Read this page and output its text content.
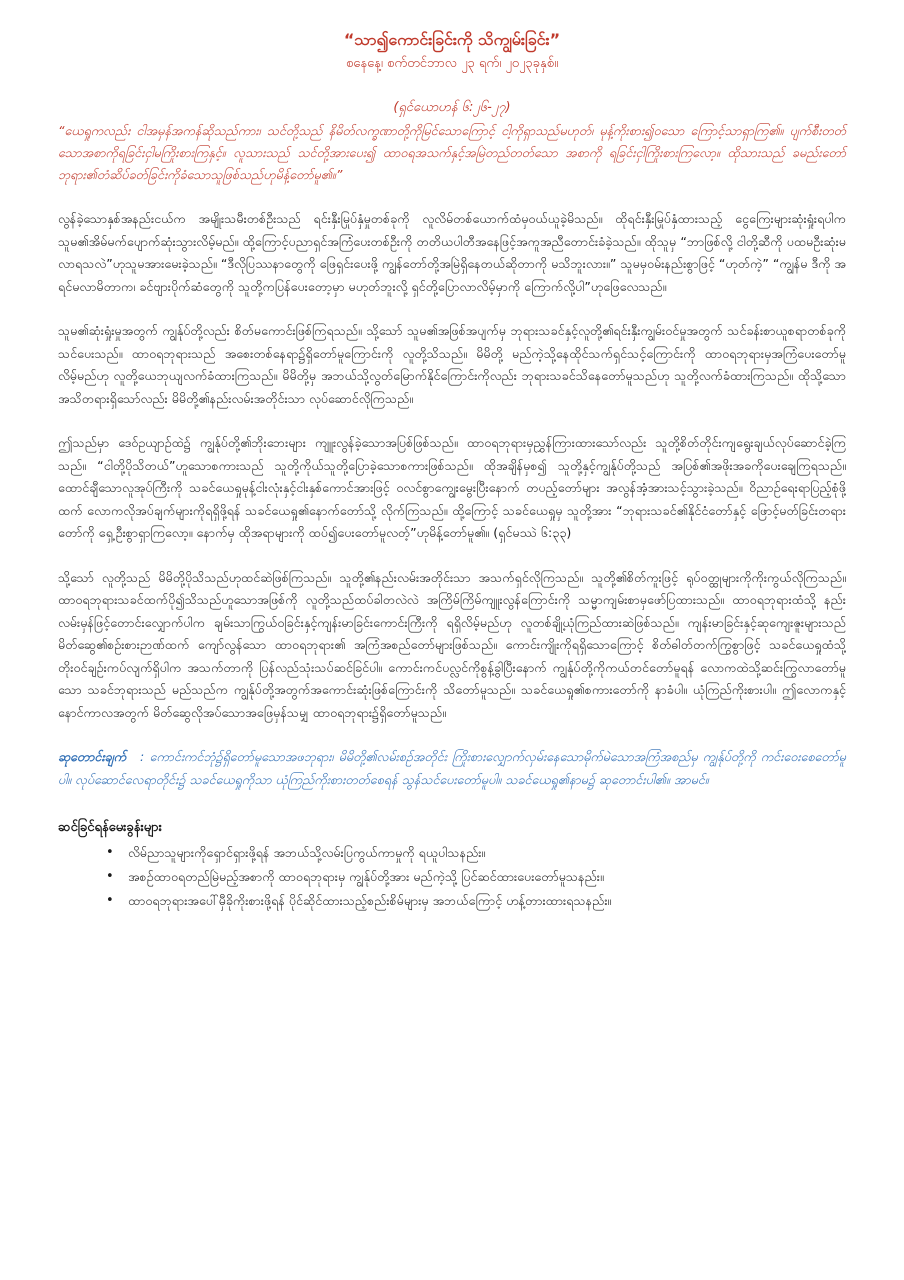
“သာ၍ကောင်းခြင်းကို သိကျွမ်းခြင်း”

စနေနေ့၊ စက်တင်ဘာလ ၂၃ ရက်၊ ၂၀၂၃ခုနှစ်။

(ရှင်ယောဟန် ၆:၂၆-၂၇)

“ယေရှုကလည်း ငါအမှန်အကန်ဆိုသည်ကား၊ သင်တို့သည် နိမိတ်လက္ခဏာတို့ကိုမြင်သောကြောင့် ငါ့ကိုရှာသည်မဟုတ်၊ မုန့်ကိုးစား၍ဝသော ကြောင့်သာရှာကြ၏။ ပျက်စီးတတ်သောအစာကိုရခြင်းငှါမကြိုးစားကြနှင့်။ လူသားသည် သင်တို့အားပေး၍ ထာဝရအသက်နှင့်အမြဲတည်တတ်သော အစာကို ရခြင်းငှါကြိုးစားကြလော့။ ထိုသားသည် ခမည်းတော်ဘုရား၏တံဆိပ်ခတ်ခြင်းကိုခံသောသူဖြစ်သည်ဟုမိန့်တော်မူ၏။”

လွန်ခဲ့သောနှစ်အနည်းငယ်က အမျိုးသမီးတစ်ဦးသည် ရင်းနှီးမြုပ်နှံမှုတစ်ခုကို လူလိမ်တစ်ယောက်ထံမှဝယ်ယူခဲ့မိသည်။ ထိုရင်းနှီးမြုပ်နှံထားသည့် ငွေကြေးများဆုံးရှုံးရပါက သူမ၏အိမ်မက်ပျောက်ဆုံးသွားလိမ့်မည်။ ထို့ကြောင့်ပညာရှင်အကြံပေးတစ်ဦးကို တတိယပါတီအနေဖြင့်အကူအညီတောင်းခံခဲ့သည်။ ထိုသူမှ “ဘာဖြစ်လို့ ငါတို့ဆီကို ပထမဦးဆုံးမလာရသလဲ”ဟုသူမအားမေးခဲ့သည်။ “ဒီလိုပြဿနာတွေကို ဖြေရှင်းပေးဖို့ ကျွန်တော်တို့အမြဲရှိနေတယ်ဆိုတာကို မသိဘူးလား။” သူမမှဝမ်းနည်းစွာဖြင့် “ဟုတ်ကဲ့” “ကျွန်မ ဒီကို အရင်မလာမိတာက၊ ခင်ဗျားပိုက်ဆံတွေကို သူတို့ကပြန်ပေးတော့မှာ မဟုတ်ဘူးလို့ ရှင်တို့ပြောလာလိမ့်မှာကို ကြောက်လို့ပါ”ဟုဖြေလေသည်။

သူမ၏ဆုံးရှုံးမှုအတွက် ကျွန်ုပ်တို့လည်း စိတ်မကောင်းဖြစ်ကြရသည်။ သို့သော် သူမ၏အဖြစ်အပျက်မှ ဘုရားသခင်နှင့်လူတို့၏ရင်းနှီးကျွမ်းဝင်မှုအတွက် သင်ခန်းစာယူစရာတစ်ခုကိုသင်ပေးသည်။ ထာဝရဘုရားသည် အစေးတစ်နေရာ၌ရှိတော်မူကြောင်းကို လူတို့သိသည်။ မိမိတို့ မည်ကဲ့သို့နေထိုင်သက်ရှင်သင့်ကြောင်းကို ထာဝရဘုရားမှအကြံပေးတော်မူလိမ့်မည်ဟု လူတို့ယေဘုယျလက်ခံထားကြသည်။ မိမိတို့မှ အဘယ်သို့လွတ်မြောက်နိုင်ကြောင်းကိုလည်း ဘုရားသခင်သိနေတော်မူသည်ဟု သူတို့လက်ခံထားကြသည်။ ထိုသို့သောအသိတရားရှိသော်လည်း မိမိတို့၏နည်းလမ်းအတိုင်းသာ လုပ်ဆောင်လိုကြသည်။

ဤသည်မှာ ဒေဝ်ဥယျာဉ်ထဲ၌ ကျွန်ုပ်တို့၏ဘိုးဘေးများ ကျူးလွန်ခဲ့သောအပြစ်ဖြစ်သည်။ ထာဝရဘုရားမှညွှန်ကြားထားသော်လည်း သူတို့စိတ်တိုင်းကျရွေးချယ်လုပ်ဆောင်ခဲ့ကြသည်။ “ငါတို့ပိုသိတယ်”ဟူသောစကားသည် သူတို့ကိုယ်သူတို့ပြောခဲ့သောစကားဖြစ်သည်။ ထိုအချိန်မှစ၍ သူတို့နှင့်ကျွန်ုပ်တို့သည် အပြစ်၏အဖိုးအခကိုပေးချေကြရသည်။ ထောင်ချီသောလူအုပ်ကြီးကို သခင်ယေရှုမုန့်ငါးလုံးနှင့်ငါးနှစ်ကောင်အားဖြင့် ဝလင်စွာကျွေးမွေးပြီးနောက် တပည့်တော်များ အလွန်အံ့အားသင့်သွားခဲ့သည်။ ဝိညာဉ်ရေးရာပြည့်စုံဖို့ထက် လောကလိုအပ်ချက်များကိုရရှိဖို့ရန် သခင်ယေရှု၏နောက်တော်သို့ လိုက်ကြသည်။ ထို့ကြောင့် သခင်ယေရှုမှ သူတို့အား “ဘုရားသခင်၏နိုင်ငံတော်နှင့် ဖြောင့်မတ်ခြင်းတရားတော်ကို ရှေ့ဦးစွာရှာကြလော့။ နောက်မှ ထိုအရာများကို ထပ်၍ပေးတော်မူလတ့်”ဟုမိန့်တော်မူ၏။ (ရှင်မဿဲ ၆:၃၃)

သို့သော် လူတို့သည် မိမိတို့ပိုသိသည်ဟုထင်ဆဲဖြစ်ကြသည်။ သူတို့၏နည်းလမ်းအတိုင်းသာ အသက်ရှင်လိုကြသည်။ သူတို့၏စိတ်ကူးဖြင့် ရုပ်ဝတ္ထုများကိုကိုးကွယ်လိုကြသည်။ ထာဝရဘုရားသခင်ထက်ပို၍သိသည်ဟူသောအဖြစ်ကို လူတို့သည်ထပ်ခါတလဲလဲ အကြိမ်ကြိမ်ကျူးလွန်ကြောင်းကို သမ္မာကျမ်းစာမှဖော်ပြထားသည်။ ထာဝရဘုရားထံသို့ နည်းလမ်းမှန်ဖြင့်တောင်းလျှောက်ပါက ချမ်းသာကြွယ်ဝခြင်းနှင့်ကျန်းမာခြင်းကောင်းကြီးကို ရရှိလိမ့်မည်ဟု လူတစ်ချို့ယုံကြည်ထားဆဲဖြစ်သည်။ ကျန်းမာခြင်းနှင့်ဆုကျေးဇူးများသည် မိတ်ဆွေ၏စဉ်းစားဉာဏ်ထက် ကျော်လွန်သော ထာဝရဘုရား၏ အကြံအစည်တော်များဖြစ်သည်။ ကောင်းကျိုးကိုရရှိသောကြောင့် စိတ်ဓါတ်တက်ကြွစွာဖြင့် သခင်ယေရှုထံသို့တိုးဝင်ချဉ်းကပ်လျက်ရှိပါက အသက်တာကို ပြန်လည်သုံးသပ်ဆင်ခြင်ပါ။ ကောင်းကင်ပလ္လင်ကိုစွန့်ခွါပြီးနောက် ကျွန်ုပ်တို့ကိုကယ်တင်တော်မူရန် လောကထဲသို့ဆင်းကြွလာတော်မူသော သခင်ဘုရားသည် မည်သည်က ကျွန်ုပ်တို့အတွက်အကောင်းဆုံးဖြစ်ကြောင်းကို သိတော်မူသည်။ သခင်ယေရှု၏စကားတော်ကို နာခံပါ။ ယုံကြည်ကိုးစားပါ။ ဤလောကနှင့်နောင်ကာလအတွက် မိတ်ဆွေလိုအပ်သောအဖြေမှန်သမျှ ထာဝရဘုရား၌ရှိတော်မူသည်။

ဆုတောင်းချက် : ကောင်းကင်ဘုံ၌ရှိတော်မူသောအဖဘုရား၊ မိမိတို့၏လမ်းစဉ်အတိုင်း ကြိုးစားလျှောက်လှမ်းနေသောမိုက်မဲသောအကြံအစည်မှ ကျွန်ုပ်တို့ကို ကင်းဝေးစေတော်မူပါ။ လုပ်ဆောင်လေရာတိုင်း၌ သခင်ယေရှုကိုသာ ယုံကြည်ကိုးစားတတ်စေရန် သွန်သင်ပေးတော်မူပါ။ သခင်ယေရှု၏နာမ၌ ဆုတောင်းပါ၏။ အာမင်။

ဆင်ခြင်ရန်မေးခွန်းများ
• လိမ်ညာသူများကိုရှောင်ရှားဖို့ရန် အဘယ်သို့လမ်းပြကွယ်ကာမှုကို ရယူပါသနည်း။
• အစဉ်ထာဝရတည်မြဲမည့်အစာကို ထာဝရဘုရားမှ ကျွန်ုပ်တို့အား မည်ကဲ့သို့ ပြင်ဆင်ထားပေးတော်မူသနည်း။
• ထာဝရဘုရားအပေါ်မှီခိုကိုးစားဖို့ရန် ပိုင်ဆိုင်ထားသည့်စည်းစိမ်များမှ အဘယ်ကြောင့် ဟန့်တားထားရသနည်း။
